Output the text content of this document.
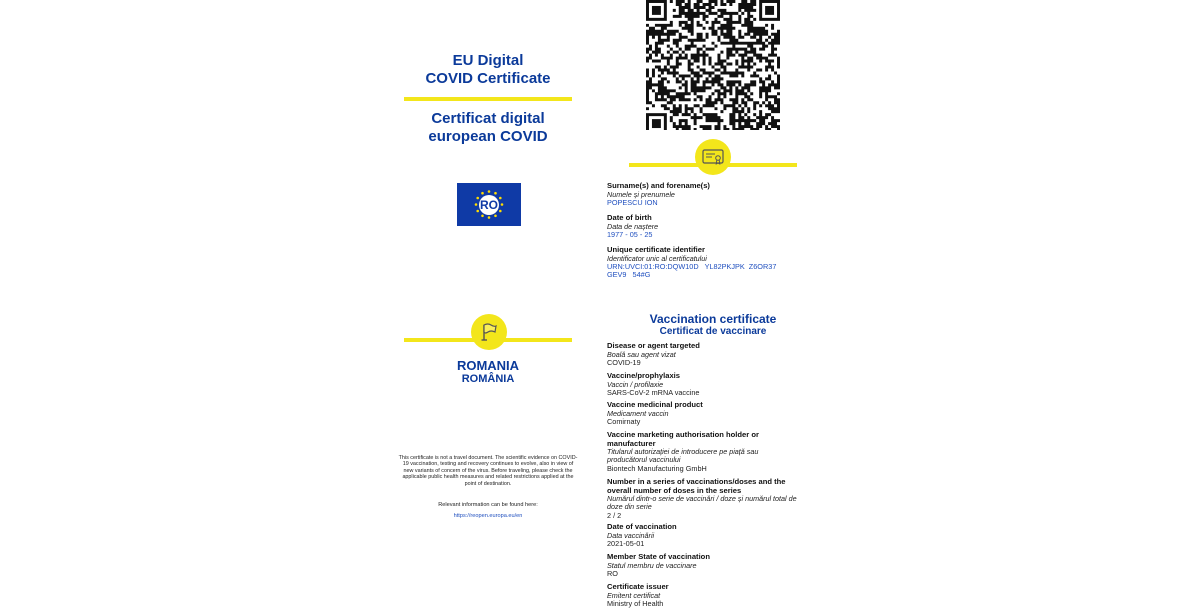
EU Digital
COVID Certificate
Certificat digital
european COVID
RO
ROMANIA
ROMÂNIA
This certificate is not a travel document. The scientific evidence on COVID-19 vaccination, testing and recovery continues to evolve, also in view of new variants of concern of the virus. Before traveling, please check the applicable public health measures and related restrictions applied at the point of destination.
Relevant information can be found here:
https://reopen.europa.eu/en
Surname(s) and forename(s)
Numele și prenumele
POPESCU ION
Date of birth
Data de naștere
1977 - 05 - 25
Unique certificate identifier
Identificator unic al certificatului
URN:UVCI:01:RO:DQW10D   YL82PKJPK  Z6OR37
GEV9   54#G
Vaccination certificate
Certificat de vaccinare
Disease or agent targeted
Boală sau agent vizat
COVID-19
Vaccine/prophylaxis
Vaccin / profilaxie
SARS-CoV-2 mRNA vaccine
Vaccine medicinal product
Medicament vaccin
Comirnaty
Vaccine marketing authorisation holder or manufacturer
Titularul autorizației de introducere pe piață sau producătorul vaccinului
Biontech Manufacturing GmbH
Number in a series of vaccinations/doses and the overall number of doses in the series
Numărul dintr-o serie de vaccinări / doze și numărul total de doze din serie
2 / 2
Date of vaccination
Data vaccinării
2021-05-01
Member State of vaccination
Statul membru de vaccinare
RO
Certificate issuer
Emitent certificat
Ministry of Health
